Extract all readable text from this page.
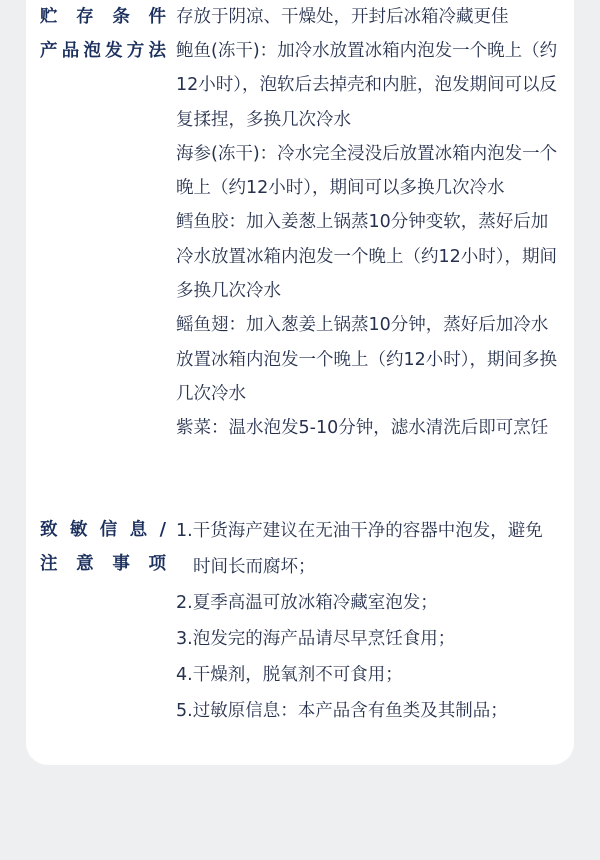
贮 存 条 件 存放于阴凉、干燥处，开封后冰箱冷藏更佳

产 品 泡 发 方 法 鲍鱼(冻干)：加冷水放置冰箱内泡发一个晚上（约12小时），泡软后去掉壳和内脏，泡发期间可以反复揉捏，多换几次冷水

海参(冻干)：冷水完全浸没后放置冰箱内泡发一个晚上（约12小时），期间可以多换几次冷水

鳕鱼胶：加入姜葱上锅蒸10分钟变软，蒸好后加冷水放置冰箱内泡发一个晚上（约12小时），期间多换几次冷水

鳐鱼翅：加入葱姜上锅蒸10分钟，蒸好后加冷水放置冰箱内泡发一个晚上（约12小时），期间多换几次冷水

紫菜：温水泡发5-10分钟，滤水清洗后即可烹饪

致 敏 信 息 /
注 意 事 项

1.干货海产建议在无油干净的容器中泡发，避免时间长而腐坏；

2.夏季高温可放冰箱冷藏室泡发；

3.泡发完的海产品请尽早烹饪食用；

4.干燥剂，脱氧剂不可食用；

5.过敏原信息：本产品含有鱼类及其制品；
